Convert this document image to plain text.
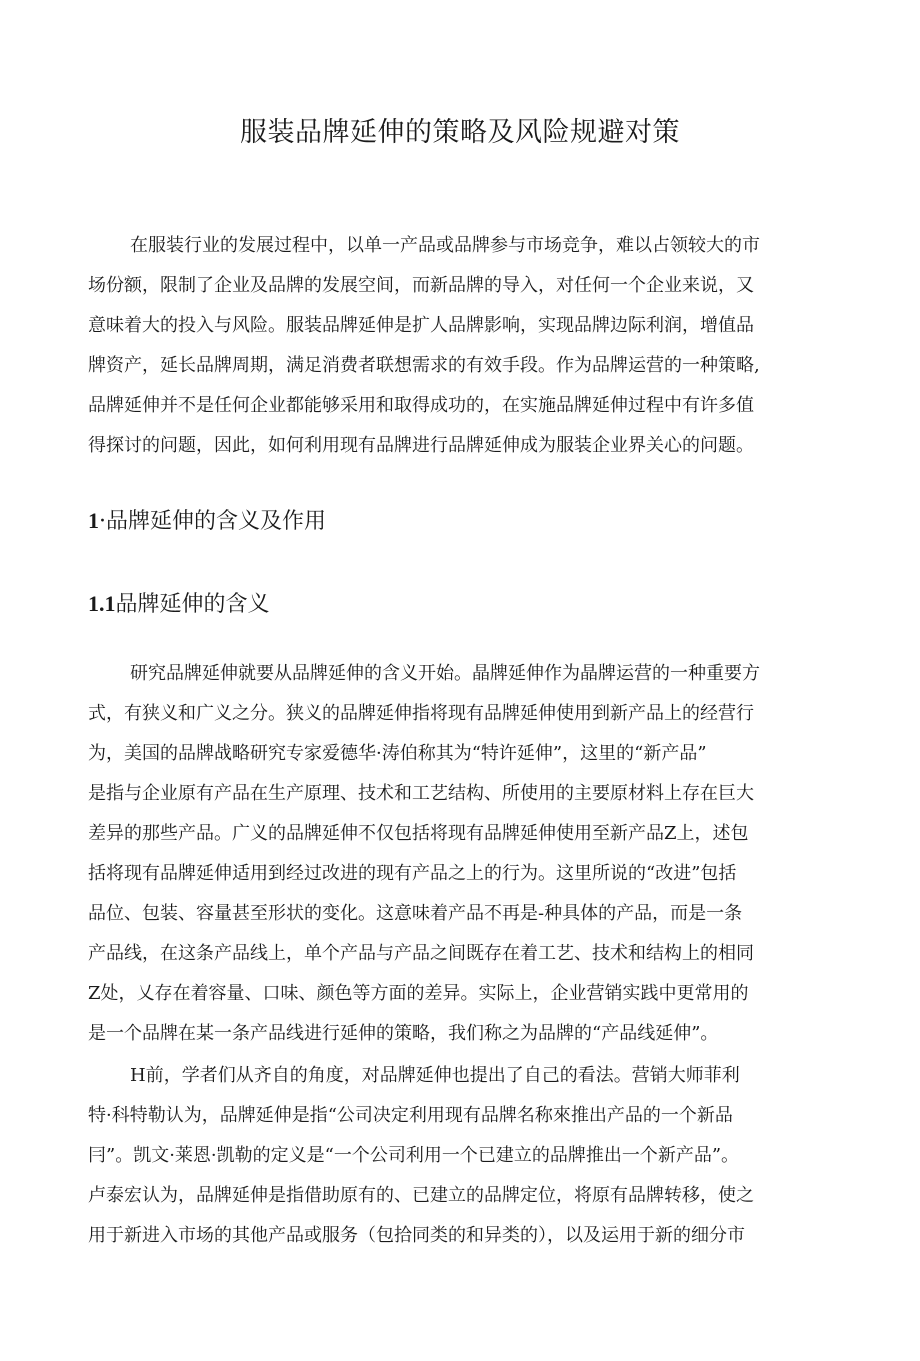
服装品牌延伸的策略及风险规避对策
在服装行业的发展过程中，以单一产品或品牌参与市场竞争，难以占领较大的市
场份额，限制了企业及品牌的发展空间，而新品牌的导入，对任何一个企业来说，又
意味着大的投入与风险。服装品牌延伸是扩人品牌影响，实现品牌边际利润，增值品
牌资产，延长品牌周期，满足消费者联想需求的有效手段。作为品牌运营的一种策略,
品牌延伸并不是任何企业都能够采用和取得成功的，在实施品牌延伸过程中有许多值
得探讨的问题，因此，如何利用现有品牌进行品牌延伸成为服装企业界关心的问题。
1·品牌延伸的含义及作用
1.1品牌延伸的含义
研究品牌延伸就要从品牌延伸的含义开始。晶牌延伸作为晶牌运营的一种重要方
式，有狭义和广义之分。狭义的品牌延伸指将现有品牌延伸使用到新产品上的经营行
为，美国的品牌战略研究专家爱德华·涛伯称其为“特许延伸”，这里的“新产品”
是指与企业原有产品在生产原理、技术和工艺结构、所使用的主要原材料上存在巨大
差异的那些产品。广义的品牌延伸不仅包括将现有品牌延伸使用至新产品Z上，述包
括将现有品牌延伸适用到经过改进的现有产品之上的行为。这里所说的“改进”包括
品位、包装、容量甚至形状的变化。这意味着产品不再是-种具体的产品，而是一条
产品线，在这条产品线上，单个产品与产品之间既存在着工艺、技术和结构上的相同
Z处，乂存在着容量、口味、颜色等方面的差异。实际上，企业营销实践中更常用的
是一个品牌在某一条产品线进行延伸的策略，我们称之为品牌的“产品线延伸”。
H前，学者们从齐自的角度，对品牌延伸也提出了自己的看法。营销大师菲利
特·科特勒认为，品牌延伸是指“公司决定利用现有品牌名称來推出产品的一个新品
冃”。凯文·莱恩·凯勒的定义是“一个公司利用一个已建立的品牌推出一个新产品”。
卢泰宏认为，品牌延伸是指借助原有的、已建立的品牌定位，将原有品牌转移，使之
用于新进入市场的其他产品或服务（包拾同类的和异类的），以及运用于新的细分市
